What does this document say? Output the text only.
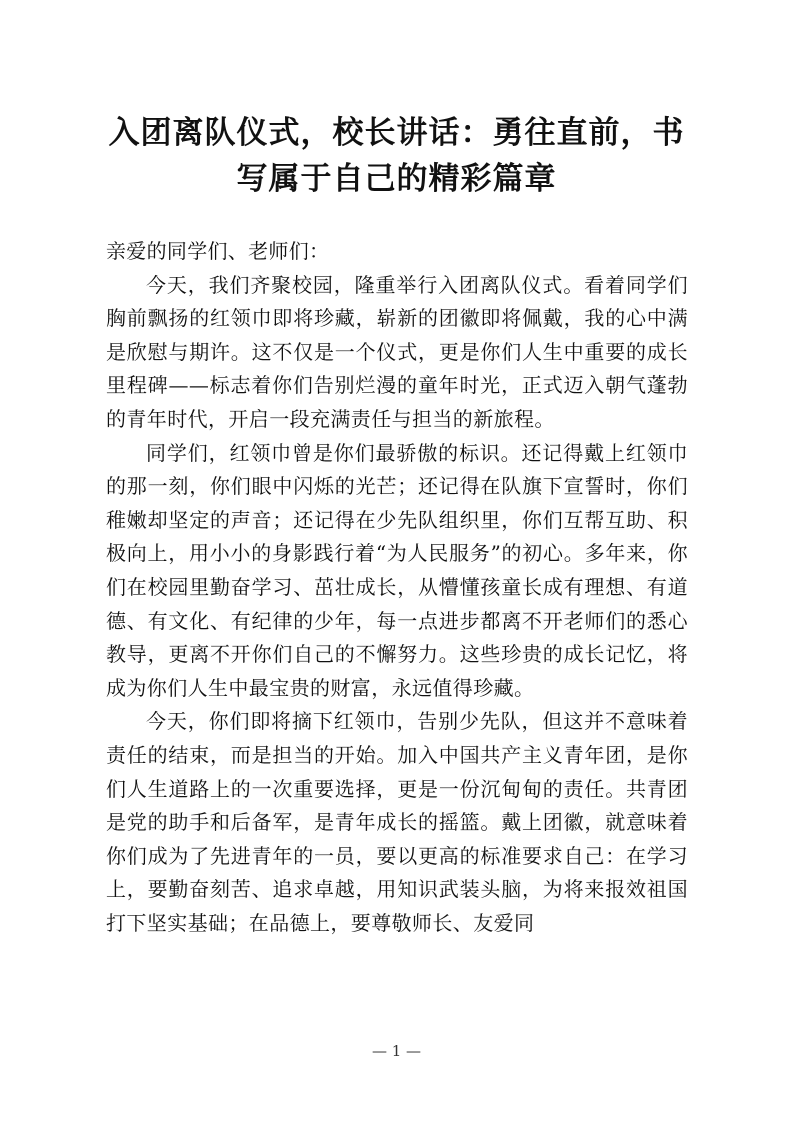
入团离队仪式，校长讲话：勇往直前，书
写属于自己的精彩篇章

亲爱的同学们、老师们：

今天，我们齐聚校园，隆重举行入团离队仪式。看着同学们胸前飘扬的红领巾即将珍藏，崭新的团徽即将佩戴，我的心中满是欣慰与期许。这不仅是一个仪式，更是你们人生中重要的成长里程碑——标志着你们告别烂漫的童年时光，正式迈入朝气蓬勃的青年时代，开启一段充满责任与担当的新旅程。

同学们，红领巾曾是你们最骄傲的标识。还记得戴上红领巾的那一刻，你们眼中闪烁的光芒；还记得在队旗下宣誓时，你们稚嫩却坚定的声音；还记得在少先队组织里，你们互帮互助、积极向上，用小小的身影践行着“为人民服务”的初心。多年来，你们在校园里勤奋学习、茁壮成长，从懵懂孩童长成有理想、有道德、有文化、有纪律的少年，每一点进步都离不开老师们的悉心教导，更离不开你们自己的不懈努力。这些珍贵的成长记忆，将成为你们人生中最宝贵的财富，永远值得珍藏。

今天，你们即将摘下红领巾，告别少先队，但这并不意味着责任的结束，而是担当的开始。加入中国共产主义青年团，是你们人生道路上的一次重要选择，更是一份沉甸甸的责任。共青团是党的助手和后备军，是青年成长的摇篮。戴上团徽，就意味着你们成为了先进青年的一员，要以更高的标准要求自己：在学习上，要勤奋刻苦、追求卓越，用知识武装头脑，为将来报效祖国打下坚实基础；在品德上，要尊敬师长、友爱同

— 1 —
